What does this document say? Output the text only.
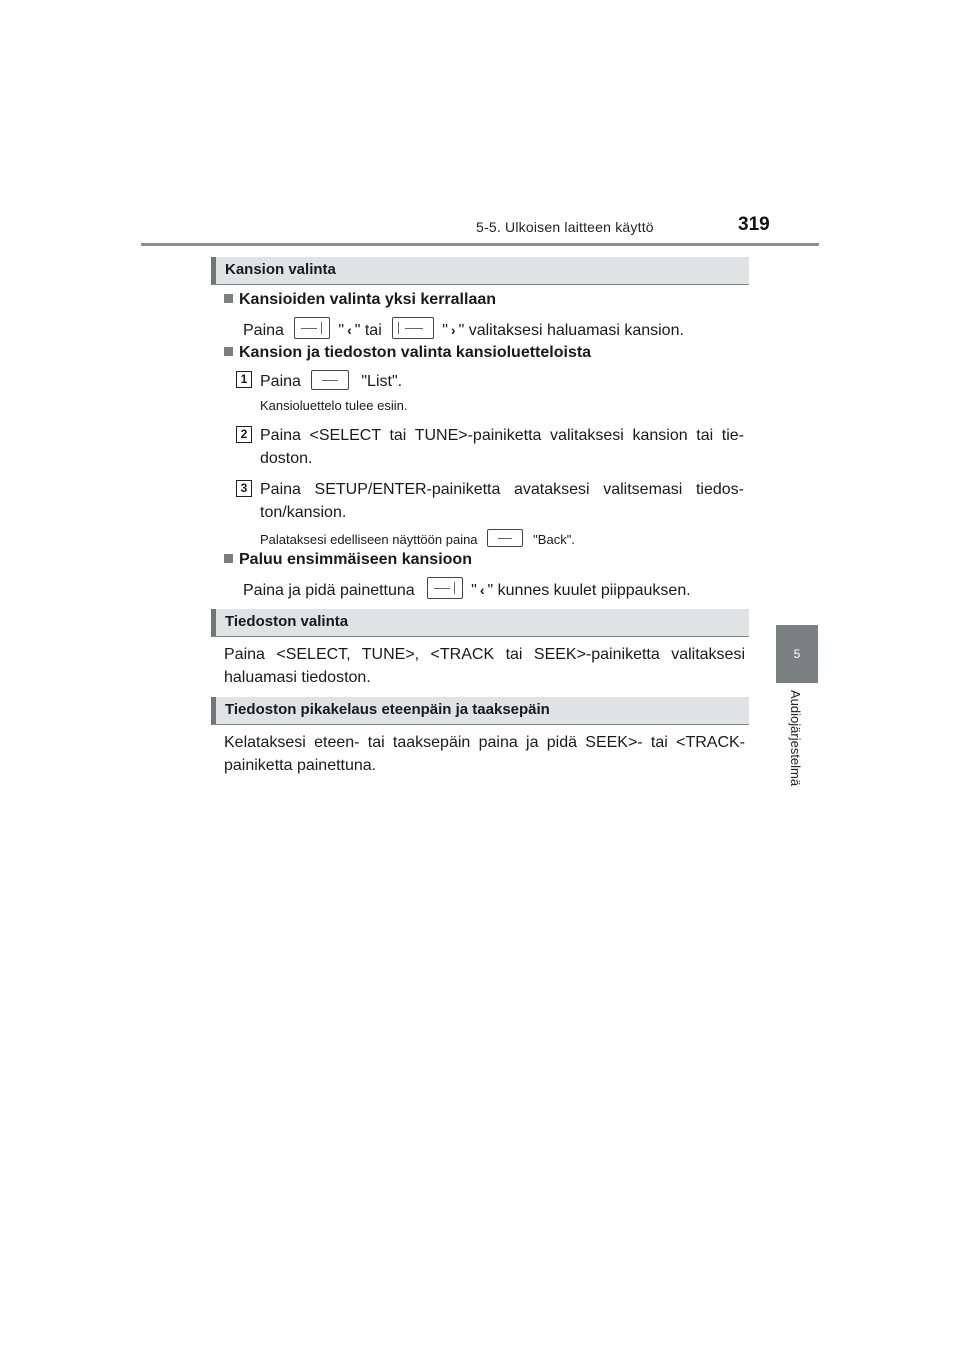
5-5. Ulkoisen laitteen käyttö	319
5
Audiojärjestelmä
Kansion valinta
Kansioiden valinta yksi kerrallaan
Paina	" ‹ " tai	" › " valitaksesi haluamasi kansion.
Kansion ja tiedoston valinta kansioluetteloista
1 Paina	"List".
Kansioluettelo tulee esiin.
2 Paina <SELECT tai TUNE>-painiketta valitaksesi kansion tai tie-
doston.
3 Paina SETUP/ENTER-painiketta avataksesi valitsemasi tiedos-
ton/kansion.
Palataksesi edelliseen näyttöön paina	"Back".
Paluu ensimmäiseen kansioon
Paina ja pidä painettuna	" ‹ " kunnes kuulet piippauksen.
Tiedoston valinta
Paina <SELECT, TUNE>, <TRACK tai SEEK>-painiketta valitaksesi
haluamasi tiedoston.
Tiedoston pikakelaus eteenpäin ja taaksepäin
Kelataksesi eteen- tai taaksepäin paina ja pidä SEEK>- tai <TRACK-
painiketta painettuna.
